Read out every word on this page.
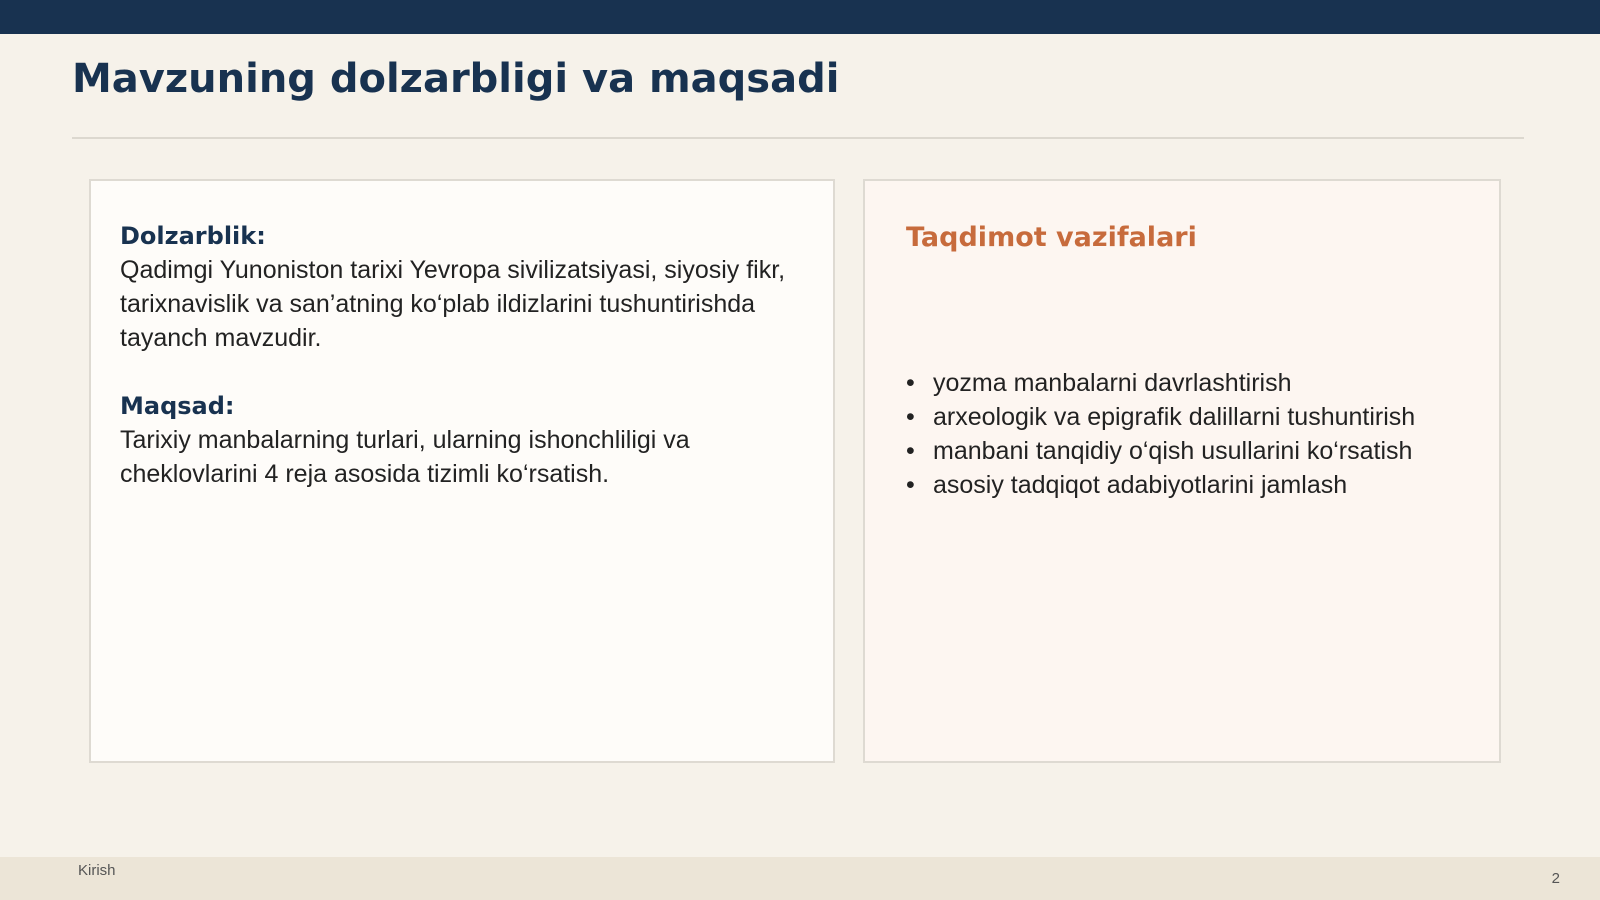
Mavzuning dolzarbligi va maqsadi
Dolzarblik:

Qadimgi Yunoniston tarixi Yevropa sivilizatsiyasi, siyosiy fikr, tarixnavislik va san’atning ko‘plab ildizlarini tushuntirishda tayanch mavzudir.

Maqsad:

Tarixiy manbalarning turlari, ularning ishonchliligi va cheklovlarini 4 reja asosida tizimli ko‘rsatish.

Taqdimot vazifalari
• yozma manbalarni davrlashtirish
• arxeologik va epigrafik dalillarni tushuntirish
• manbani tanqidiy o‘qish usullarini ko‘rsatish
• asosiy tadqiqot adabiyotlarini jamlash
Kirish	2
